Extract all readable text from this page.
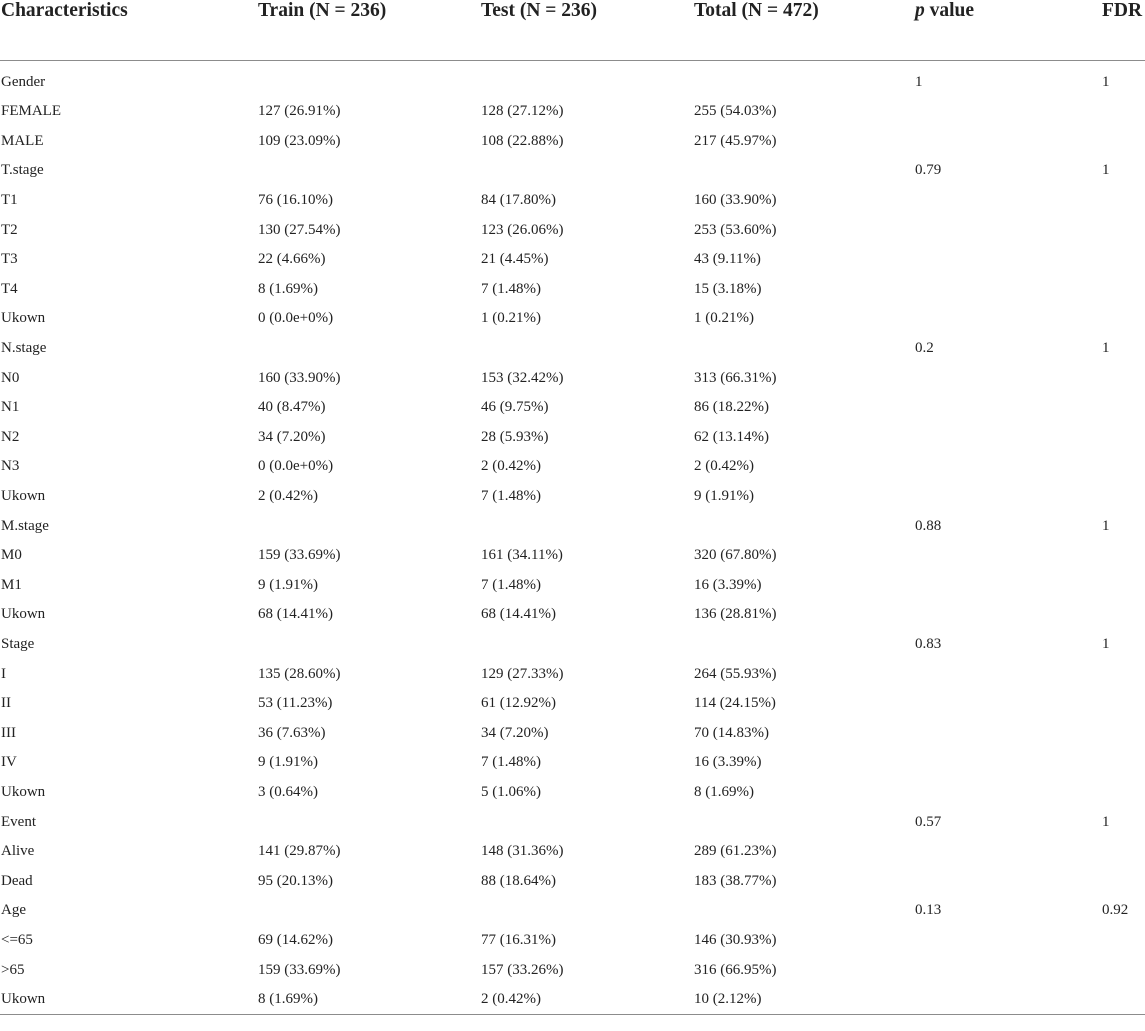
Characteristics	Train (N = 236)	Test (N = 236)	Total (N = 472)	p value	FDR
Gender				1	1
FEMALE	127 (26.91%)	128 (27.12%)	255 (54.03%)		
MALE	109 (23.09%)	108 (22.88%)	217 (45.97%)		
T.stage				0.79	1
T1	76 (16.10%)	84 (17.80%)	160 (33.90%)		
T2	130 (27.54%)	123 (26.06%)	253 (53.60%)		
T3	22 (4.66%)	21 (4.45%)	43 (9.11%)		
T4	8 (1.69%)	7 (1.48%)	15 (3.18%)		
Ukown	0 (0.0e+0%)	1 (0.21%)	1 (0.21%)		
N.stage				0.2	1
N0	160 (33.90%)	153 (32.42%)	313 (66.31%)		
N1	40 (8.47%)	46 (9.75%)	86 (18.22%)		
N2	34 (7.20%)	28 (5.93%)	62 (13.14%)		
N3	0 (0.0e+0%)	2 (0.42%)	2 (0.42%)		
Ukown	2 (0.42%)	7 (1.48%)	9 (1.91%)		
M.stage				0.88	1
M0	159 (33.69%)	161 (34.11%)	320 (67.80%)		
M1	9 (1.91%)	7 (1.48%)	16 (3.39%)		
Ukown	68 (14.41%)	68 (14.41%)	136 (28.81%)		
Stage				0.83	1
I	135 (28.60%)	129 (27.33%)	264 (55.93%)		
II	53 (11.23%)	61 (12.92%)	114 (24.15%)		
III	36 (7.63%)	34 (7.20%)	70 (14.83%)		
IV	9 (1.91%)	7 (1.48%)	16 (3.39%)		
Ukown	3 (0.64%)	5 (1.06%)	8 (1.69%)		
Event				0.57	1
Alive	141 (29.87%)	148 (31.36%)	289 (61.23%)		
Dead	95 (20.13%)	88 (18.64%)	183 (38.77%)		
Age				0.13	0.92
<=65	69 (14.62%)	77 (16.31%)	146 (30.93%)		
>65	159 (33.69%)	157 (33.26%)	316 (66.95%)		
Ukown	8 (1.69%)	2 (0.42%)	10 (2.12%)		
